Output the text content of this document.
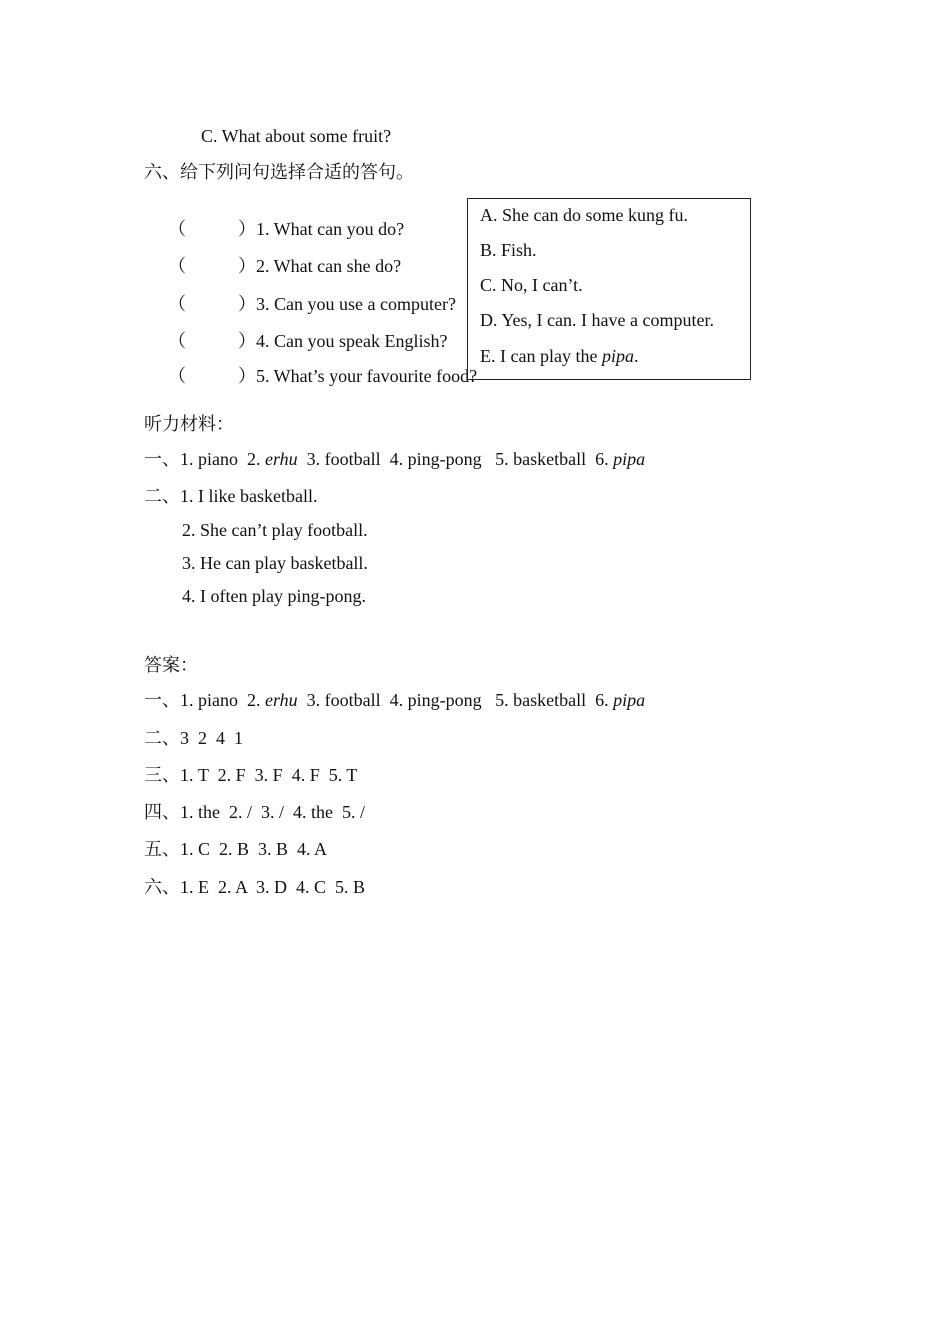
C. What about some fruit?
六、给下列问句选择合适的答句。

（	）1. What can you do?

（	）2. What can she do?

（	）3. Can you use a computer?

（	）4. Can you speak English?

（	）5. What’s your favourite food?

A. She can do some kung fu.
B. Fish.
C. No, I can’t.
D. Yes, I can. I have a computer.
E. I can play the pipa.
听力材料：
一、1. piano  2. erhu  3. football  4. ping-pong   5. basketball  6. pipa
二、1. I like basketball.
2. She can’t play football.
3. He can play basketball.
4. I often play ping-pong.
答案：
一、1. piano  2. erhu  3. football  4. ping-pong   5. basketball  6. pipa
二、3  2  4  1
三、1. T  2. F  3. F  4. F  5. T
四、1. the  2. /  3. /  4. the  5. /
五、1. C  2. B  3. B  4. A
六、1. E  2. A  3. D  4. C  5. B
